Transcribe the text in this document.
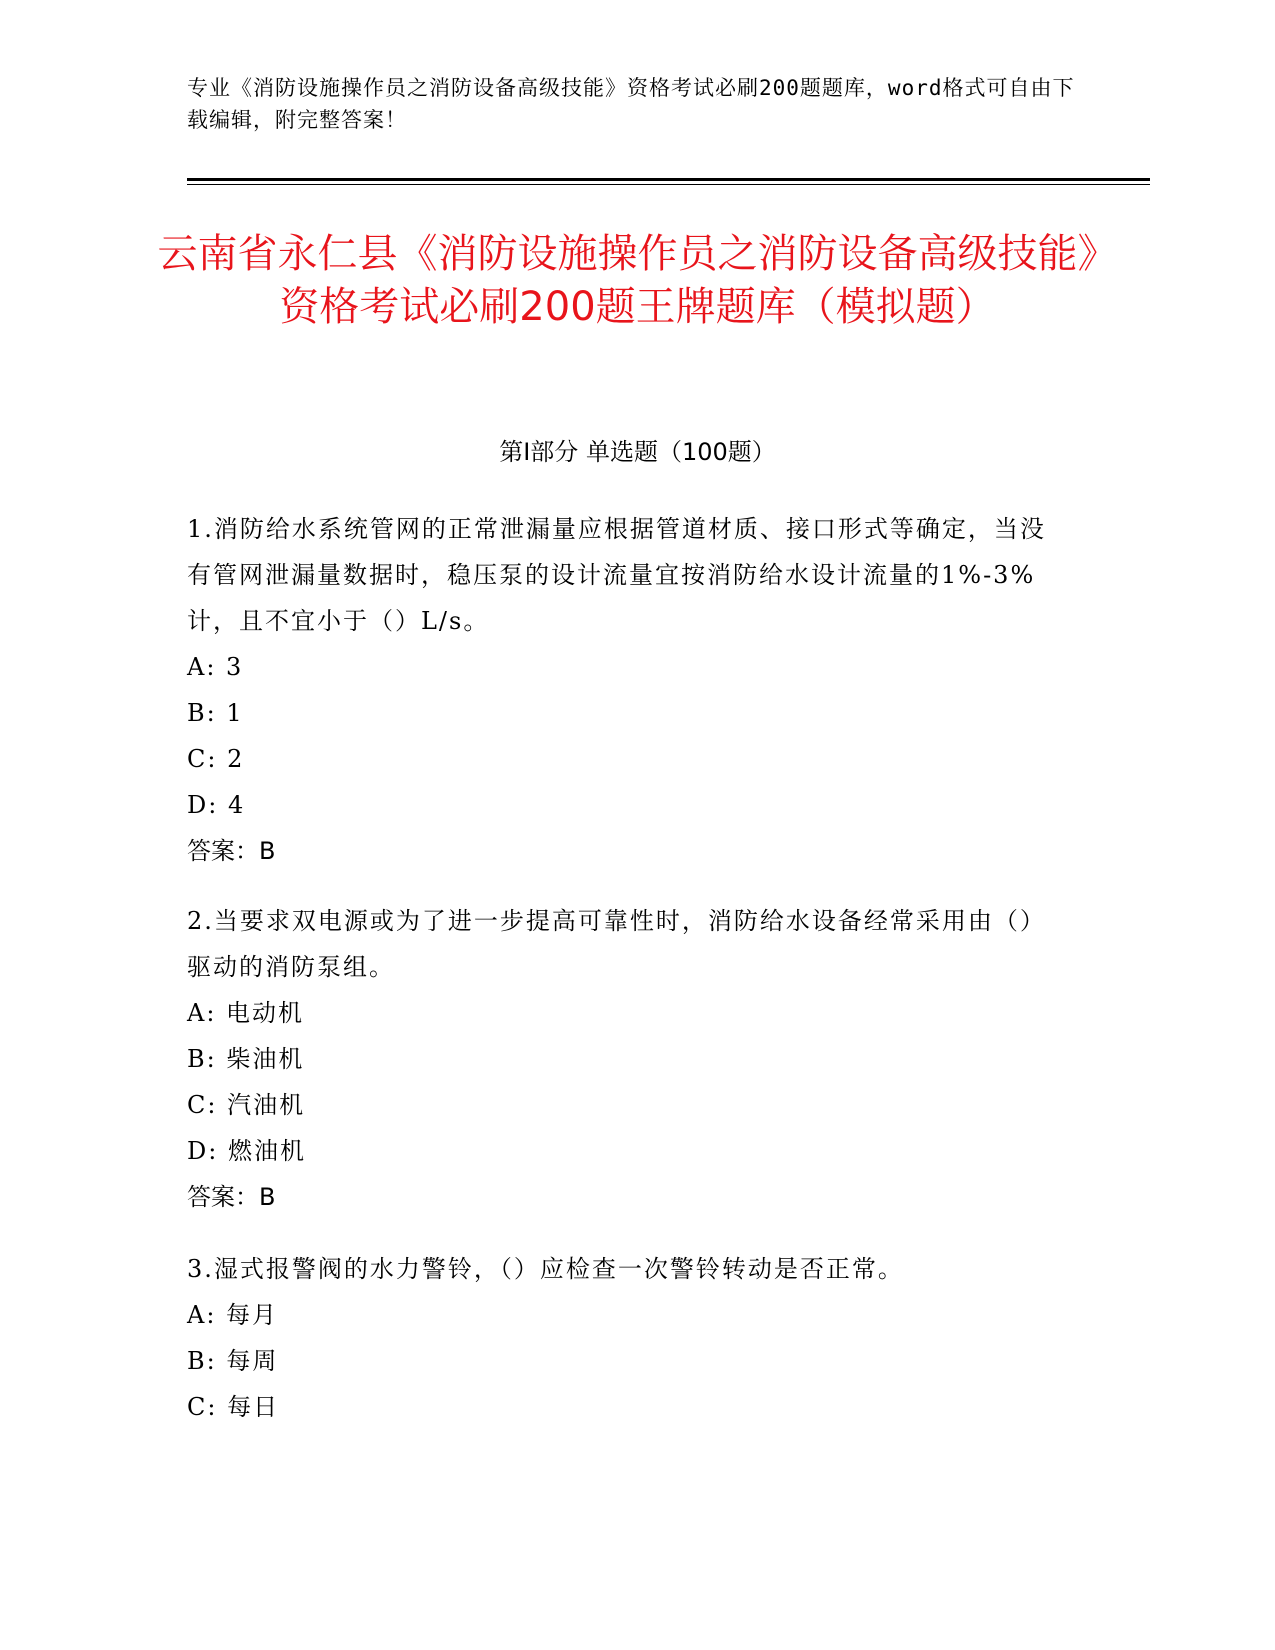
专业《消防设施操作员之消防设备高级技能》资格考试必刷200题题库，word格式可自由下载编辑，附完整答案！
云南省永仁县《消防设施操作员之消防设备高级技能》资格考试必刷200题王牌题库（模拟题）
第I部分 单选题（100题）

1.消防给水系统管网的正常泄漏量应根据管道材质、接口形式等确定，当没有管网泄漏量数据时，稳压泵的设计流量宜按消防给水设计流量的1%-3%计，且不宜小于（）L/s。

A: 3

B: 1

C: 2

D: 4

答案：B

2.当要求双电源或为了进一步提高可靠性时，消防给水设备经常采用由（）驱动的消防泵组。

A: 电动机

B: 柴油机

C: 汽油机

D: 燃油机

答案：B

3.湿式报警阀的水力警铃，（）应检查一次警铃转动是否正常。

A: 每月

B: 每周

C: 每日
